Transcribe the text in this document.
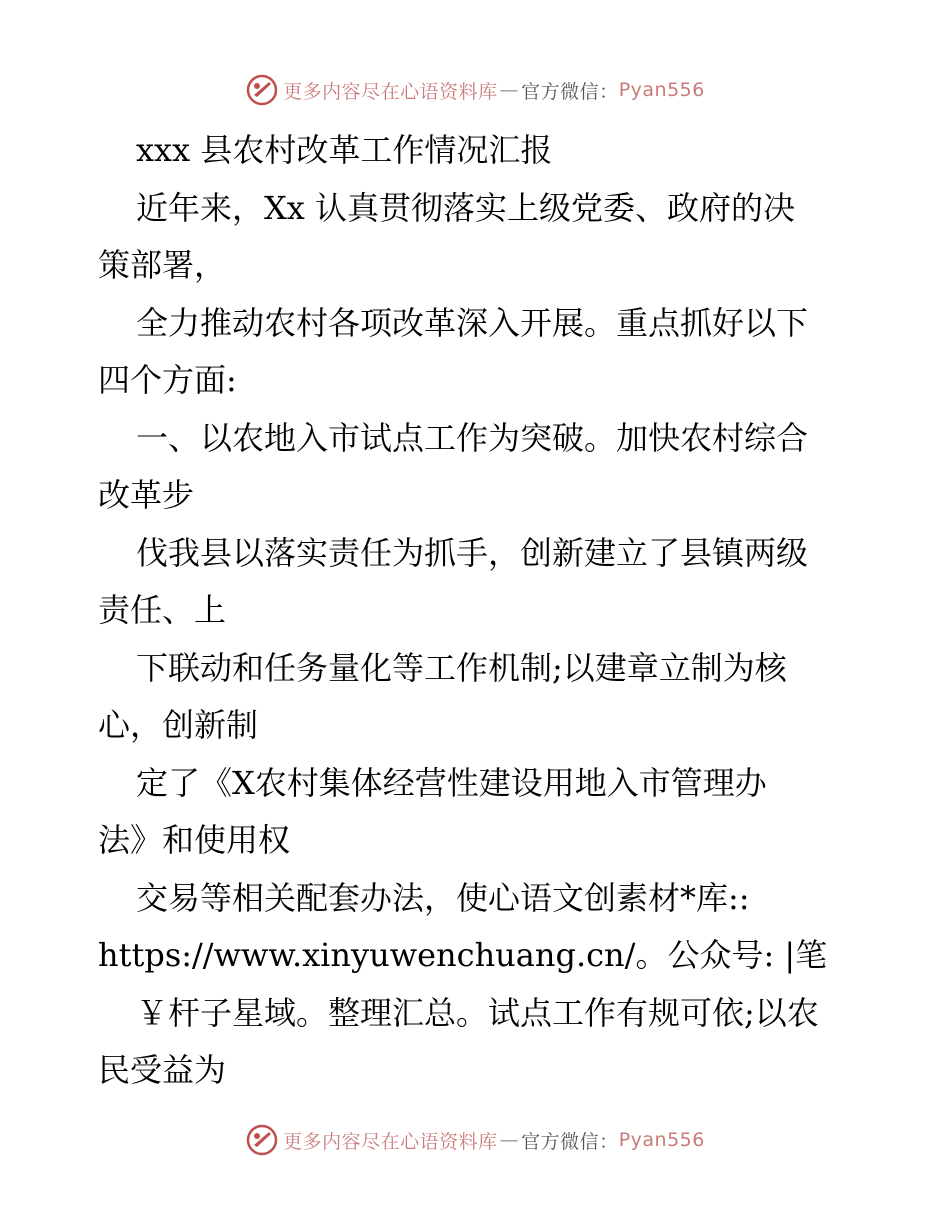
更多内容尽在心语资料库 — 官方微信： Pyan556
xxx 县农村改革工作情况汇报
近年来，Xx 认真贯彻落实上级党委、政府的决
策部署，
全力推动农村各项改革深入开展。重点抓好以下
四个方面:
一、以农地入市试点工作为突破。加快农村综合
改革步
伐我县以落实责任为抓手，创新建立了县镇两级
责任、上
下联动和任务量化等工作机制;以建章立制为核
心，创新制
定了《X农村集体经营性建设用地入市管理办
法》和使用权
交易等相关配套办法，使心语文创素材*库::
https://www.xinyuwenchuang.cn/。公众号: |笔
￥杆子星域。整理汇总。试点工作有规可依;以农
民受益为
更多内容尽在心语资料库 — 官方微信： Pyan556
